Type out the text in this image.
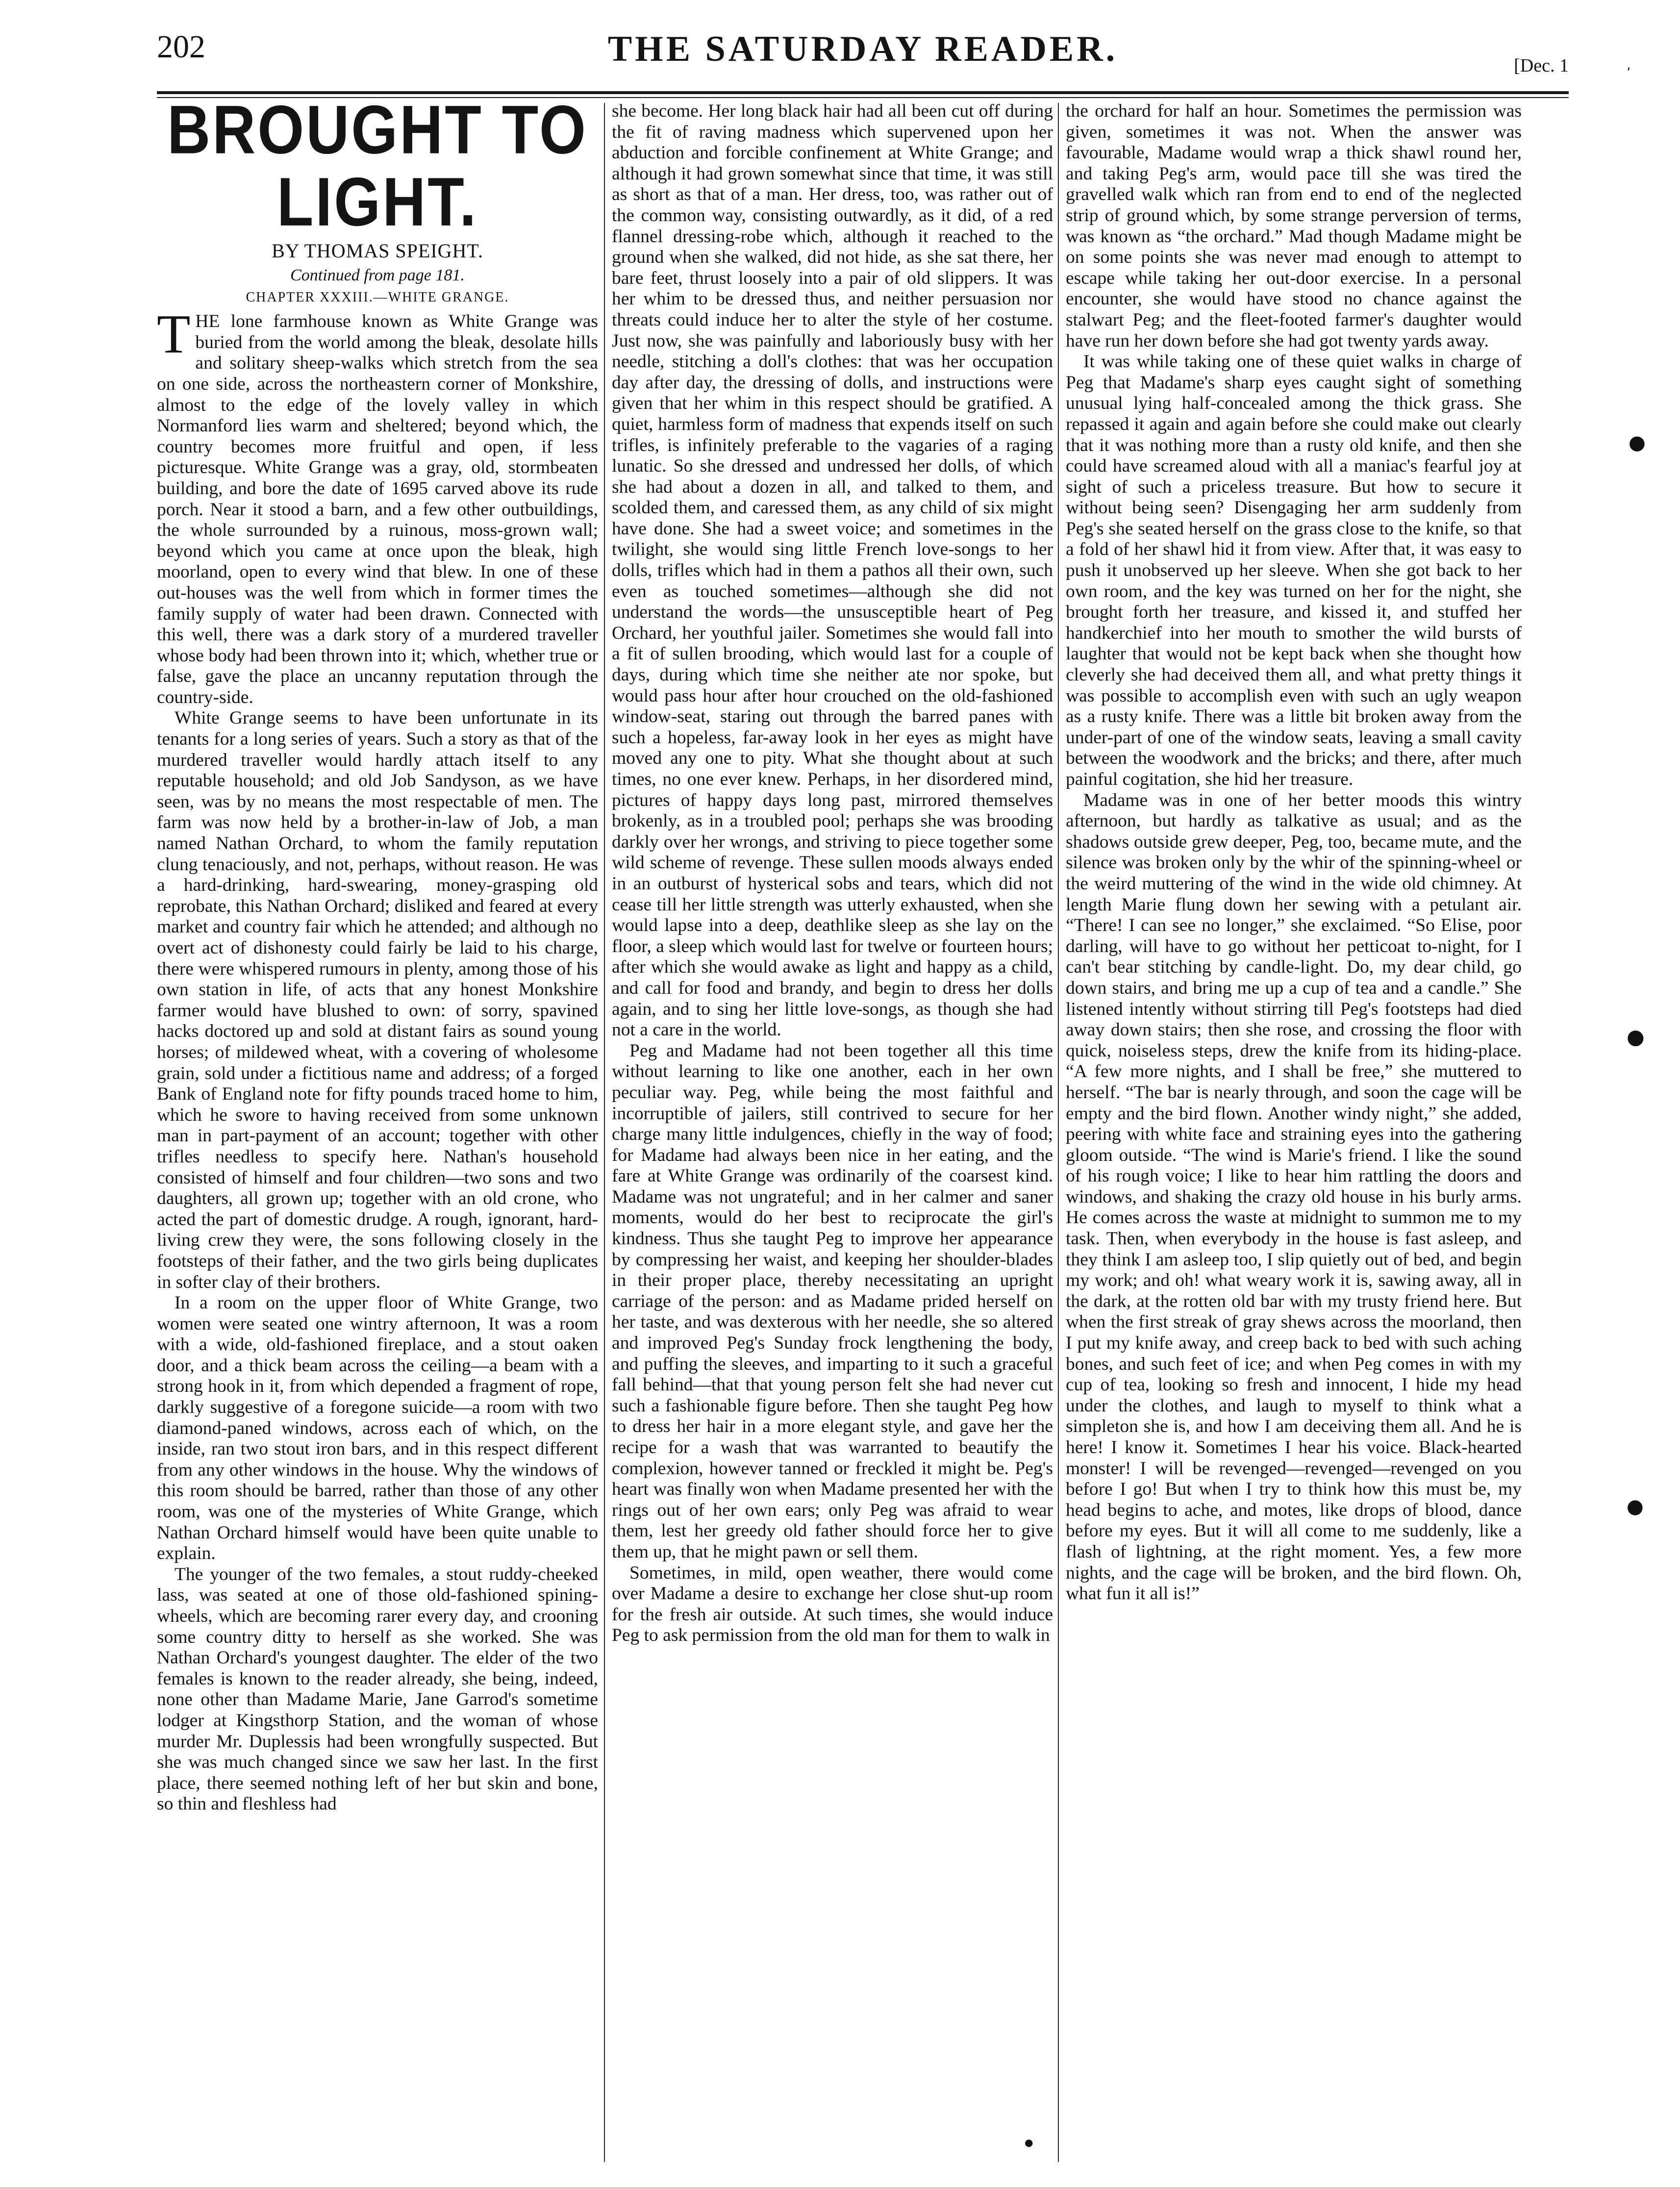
202	THE SATURDAY READER.	[Dec. 1
BROUGHT TO LIGHT.
BY THOMAS SPEIGHT.
Continued from page 181.
CHAPTER XXXIII.—WHITE GRANGE.

THE lone farmhouse known as White Grange was buried from the world among the bleak, desolate hills and solitary sheep-walks which stretch from the sea on one side, across the northeastern corner of Monkshire, almost to the edge of the lovely valley in which Normanford lies warm and sheltered; beyond which, the country becomes more fruitful and open, if less picturesque. White Grange was a gray, old, stormbeaten building, and bore the date of 1695 carved above its rude porch. Near it stood a barn, and a few other outbuildings, the whole surrounded by a ruinous, moss-grown wall; beyond which you came at once upon the bleak, high moorland, open to every wind that blew. In one of these out-houses was the well from which in former times the family supply of water had been drawn. Connected with this well, there was a dark story of a murdered traveller whose body had been thrown into it; which, whether true or false, gave the place an uncanny reputation through the country-side.

White Grange seems to have been unfortunate in its tenants for a long series of years. Such a story as that of the murdered traveller would hardly attach itself to any reputable household; and old Job Sandyson, as we have seen, was by no means the most respectable of men. The farm was now held by a brother-in-law of Job, a man named Nathan Orchard, to whom the family reputation clung tenaciously, and not, perhaps, without reason. He was a hard-drinking, hard-swearing, money-grasping old reprobate, this Nathan Orchard; disliked and feared at every market and country fair which he attended; and although no overt act of dishonesty could fairly be laid to his charge, there were whispered rumours in plenty, among those of his own station in life, of acts that any honest Monkshire farmer would have blushed to own: of sorry, spavined hacks doctored up and sold at distant fairs as sound young horses; of mildewed wheat, with a covering of wholesome grain, sold under a fictitious name and address; of a forged Bank of England note for fifty pounds traced home to him, which he swore to having received from some unknown man in part-payment of an account; together with other trifles needless to specify here. Nathan's household consisted of himself and four children—two sons and two daughters, all grown up; together with an old crone, who acted the part of domestic drudge. A rough, ignorant, hard-living crew they were, the sons following closely in the footsteps of their father, and the two girls being duplicates in softer clay of their brothers.

In a room on the upper floor of White Grange, two women were seated one wintry afternoon, It was a room with a wide, old-fashioned fireplace, and a stout oaken door, and a thick beam across the ceiling—a beam with a strong hook in it, from which depended a fragment of rope, darkly suggestive of a foregone suicide—a room with two diamond-paned windows, across each of which, on the inside, ran two stout iron bars, and in this respect different from any other windows in the house. Why the windows of this room should be barred, rather than those of any other room, was one of the mysteries of White Grange, which Nathan Orchard himself would have been quite unable to explain.

The younger of the two females, a stout ruddy-cheeked lass, was seated at one of those old-fashioned spining-wheels, which are becoming rarer every day, and crooning some country ditty to herself as she worked. She was Nathan Orchard's youngest daughter. The elder of the two females is known to the reader already, she being, indeed, none other than Madame Marie, Jane Garrod's sometime lodger at Kingsthorp Station, and the woman of whose murder Mr. Duplessis had been wrongfully suspected. But she was much changed since we saw her last. In the first place, there seemed nothing left of her but skin and bone, so thin and fleshless had

she become. Her long black hair had all been cut off during the fit of raving madness which supervened upon her abduction and forcible confinement at White Grange; and although it had grown somewhat since that time, it was still as short as that of a man. Her dress, too, was rather out of the common way, consisting outwardly, as it did, of a red flannel dressing-robe which, although it reached to the ground when she walked, did not hide, as she sat there, her bare feet, thrust loosely into a pair of old slippers. It was her whim to be dressed thus, and neither persuasion nor threats could induce her to alter the style of her costume. Just now, she was painfully and laboriously busy with her needle, stitching a doll's clothes: that was her occupation day after day, the dressing of dolls, and instructions were given that her whim in this respect should be gratified. A quiet, harmless form of madness that expends itself on such trifles, is infinitely preferable to the vagaries of a raging lunatic. So she dressed and undressed her dolls, of which she had about a dozen in all, and talked to them, and scolded them, and caressed them, as any child of six might have done. She had a sweet voice; and sometimes in the twilight, she would sing little French love-songs to her dolls, trifles which had in them a pathos all their own, such even as touched sometimes—although she did not understand the words—the unsusceptible heart of Peg Orchard, her youthful jailer. Sometimes she would fall into a fit of sullen brooding, which would last for a couple of days, during which time she neither ate nor spoke, but would pass hour after hour crouched on the old-fashioned window-seat, staring out through the barred panes with such a hopeless, far-away look in her eyes as might have moved any one to pity. What she thought about at such times, no one ever knew. Perhaps, in her disordered mind, pictures of happy days long past, mirrored themselves brokenly, as in a troubled pool; perhaps she was brooding darkly over her wrongs, and striving to piece together some wild scheme of revenge. These sullen moods always ended in an outburst of hysterical sobs and tears, which did not cease till her little strength was utterly exhausted, when she would lapse into a deep, deathlike sleep as she lay on the floor, a sleep which would last for twelve or fourteen hours; after which she would awake as light and happy as a child, and call for food and brandy, and begin to dress her dolls again, and to sing her little love-songs, as though she had not a care in the world.

Peg and Madame had not been together all this time without learning to like one another, each in her own peculiar way. Peg, while being the most faithful and incorruptible of jailers, still contrived to secure for her charge many little indulgences, chiefly in the way of food; for Madame had always been nice in her eating, and the fare at White Grange was ordinarily of the coarsest kind. Madame was not ungrateful; and in her calmer and saner moments, would do her best to reciprocate the girl's kindness. Thus she taught Peg to improve her appearance by compressing her waist, and keeping her shoulder-blades in their proper place, thereby necessitating an upright carriage of the person: and as Madame prided herself on her taste, and was dexterous with her needle, she so altered and improved Peg's Sunday frock lengthening the body, and puffing the sleeves, and imparting to it such a graceful fall behind—that that young person felt she had never cut such a fashionable figure before. Then she taught Peg how to dress her hair in a more elegant style, and gave her the recipe for a wash that was warranted to beautify the complexion, however tanned or freckled it might be. Peg's heart was finally won when Madame presented her with the rings out of her own ears; only Peg was afraid to wear them, lest her greedy old father should force her to give them up, that he might pawn or sell them.

Sometimes, in mild, open weather, there would come over Madame a desire to exchange her close shut-up room for the fresh air outside. At such times, she would induce Peg to ask permission from the old man for them to walk in

the orchard for half an hour. Sometimes the permission was given, sometimes it was not. When the answer was favourable, Madame would wrap a thick shawl round her, and taking Peg's arm, would pace till she was tired the gravelled walk which ran from end to end of the neglected strip of ground which, by some strange perversion of terms, was known as “the orchard.” Mad though Madame might be on some points she was never mad enough to attempt to escape while taking her out-door exercise. In a personal encounter, she would have stood no chance against the stalwart Peg; and the fleet-footed farmer's daughter would have run her down before she had got twenty yards away.

It was while taking one of these quiet walks in charge of Peg that Madame's sharp eyes caught sight of something unusual lying half-concealed among the thick grass. She repassed it again and again before she could make out clearly that it was nothing more than a rusty old knife, and then she could have screamed aloud with all a maniac's fearful joy at sight of such a priceless treasure. But how to secure it without being seen? Disengaging her arm suddenly from Peg's she seated herself on the grass close to the knife, so that a fold of her shawl hid it from view. After that, it was easy to push it unobserved up her sleeve. When she got back to her own room, and the key was turned on her for the night, she brought forth her treasure, and kissed it, and stuffed her handkerchief into her mouth to smother the wild bursts of laughter that would not be kept back when she thought how cleverly she had deceived them all, and what pretty things it was possible to accomplish even with such an ugly weapon as a rusty knife. There was a little bit broken away from the under-part of one of the window seats, leaving a small cavity between the woodwork and the bricks; and there, after much painful cogitation, she hid her treasure.

Madame was in one of her better moods this wintry afternoon, but hardly as talkative as usual; and as the shadows outside grew deeper, Peg, too, became mute, and the silence was broken only by the whir of the spinning-wheel or the weird muttering of the wind in the wide old chimney. At length Marie flung down her sewing with a petulant air. “There! I can see no longer,” she exclaimed. “So Elise, poor darling, will have to go without her petticoat to-night, for I can't bear stitching by candle-light. Do, my dear child, go down stairs, and bring me up a cup of tea and a candle.” She listened intently without stirring till Peg's footsteps had died away down stairs; then she rose, and crossing the floor with quick, noiseless steps, drew the knife from its hiding-place. “A few more nights, and I shall be free,” she muttered to herself. “The bar is nearly through, and soon the cage will be empty and the bird flown. Another windy night,” she added, peering with white face and straining eyes into the gathering gloom outside. “The wind is Marie's friend. I like the sound of his rough voice; I like to hear him rattling the doors and windows, and shaking the crazy old house in his burly arms. He comes across the waste at midnight to summon me to my task. Then, when everybody in the house is fast asleep, and they think I am asleep too, I slip quietly out of bed, and begin my work; and oh! what weary work it is, sawing away, all in the dark, at the rotten old bar with my trusty friend here. But when the first streak of gray shews across the moorland, then I put my knife away, and creep back to bed with such aching bones, and such feet of ice; and when Peg comes in with my cup of tea, looking so fresh and innocent, I hide my head under the clothes, and laugh to myself to think what a simpleton she is, and how I am deceiving them all. And he is here! I know it. Sometimes I hear his voice. Black-hearted monster! I will be revenged—revenged—revenged on you before I go! But when I try to think how this must be, my head begins to ache, and motes, like drops of blood, dance before my eyes. But it will all come to me suddenly, like a flash of lightning, at the right moment. Yes, a few more nights, and the cage will be broken, and the bird flown. Oh, what fun it all is!”

‚
●
●
●
●
